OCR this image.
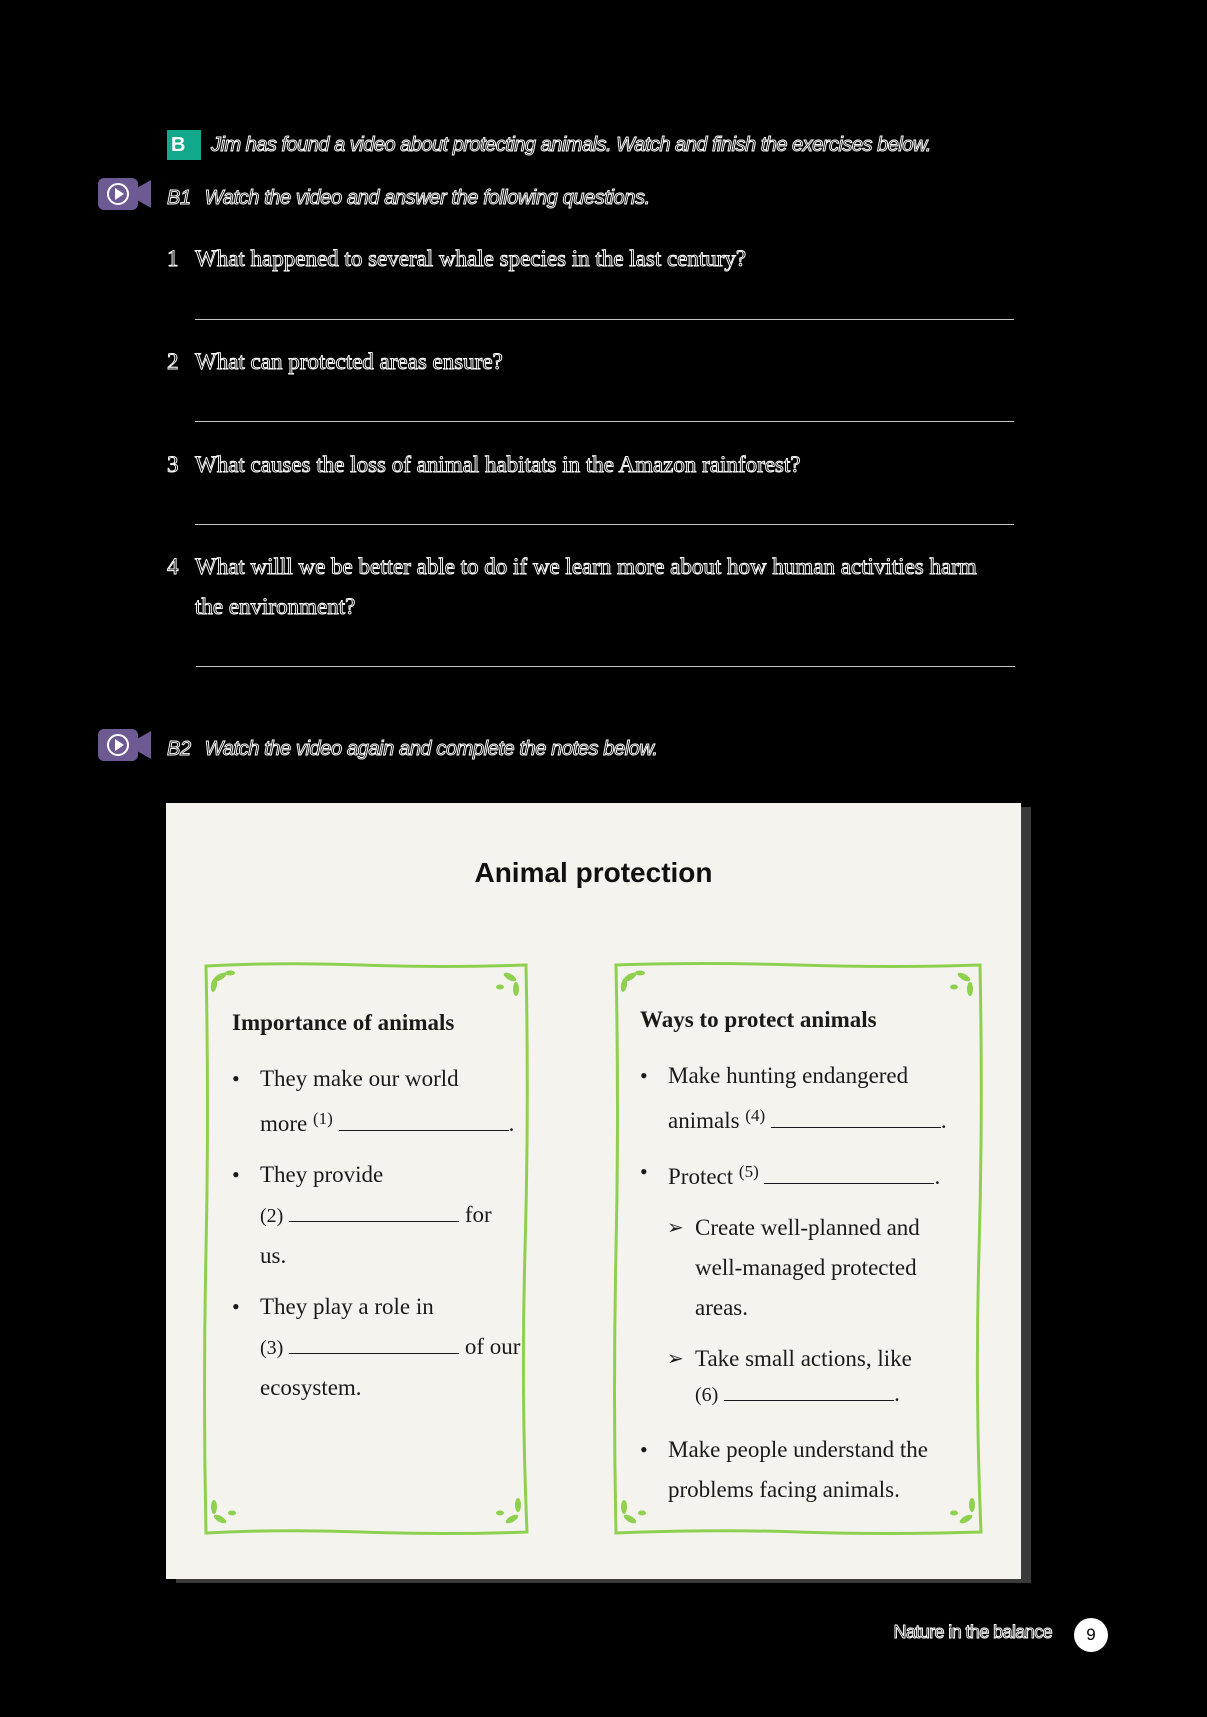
B	Jim has found a video about protecting animals. Watch and finish the exercises below.
B1 Watch the video and answer the following questions.
1 What happened to several whale species in the last century?
2 What can protected areas ensure?
3 What causes the loss of animal habitats in the Amazon rainforest?
4 What willl we be better able to do if we learn more about how human activities harm the environment?
B2 Watch the video again and complete the notes below.
Animal protection
Importance of animals
• They make our world
more $^{(1)}$	.
• They provide
(2)	for
us.
• They play a role in
(3)	of our
ecosystem.
Ways to protect animals
• Make hunting endangered
animals $^{(4)}$	.
• Protect $^{(5)}$	.
➢ Create well-planned and
well-managed protected
areas.
➢ Take small actions, like
(6)	.
• Make people understand the
problems facing animals.
Nature in the balance	9
